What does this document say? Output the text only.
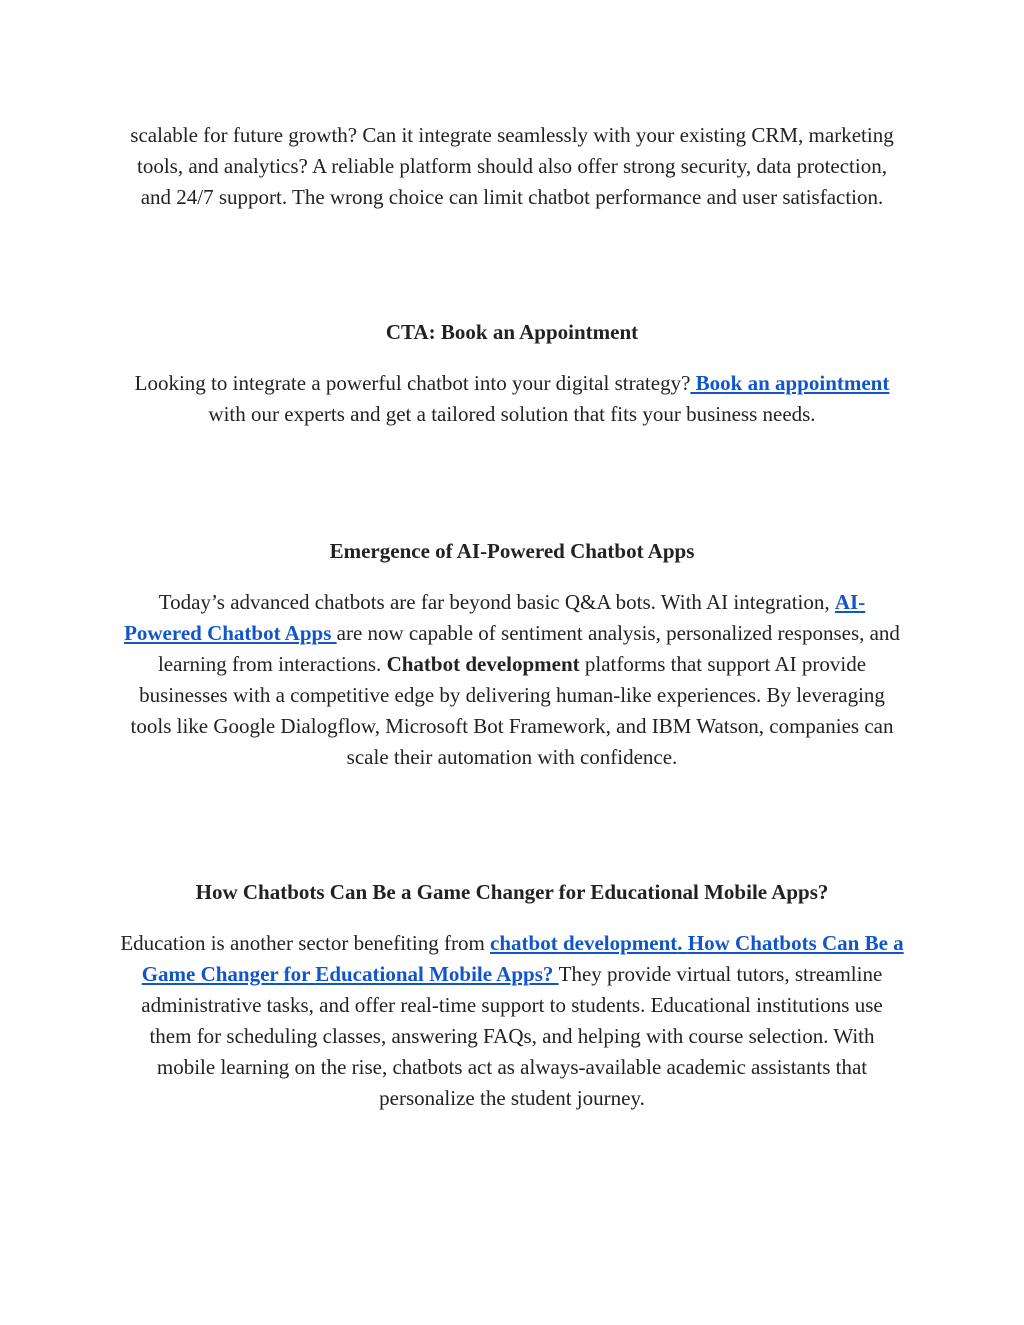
scalable for future growth? Can it integrate seamlessly with your existing CRM, marketing tools, and analytics? A reliable platform should also offer strong security, data protection, and 24/7 support. The wrong choice can limit chatbot performance and user satisfaction.

CTA: Book an Appointment

Looking to integrate a powerful chatbot into your digital strategy? Book an appointment with our experts and get a tailored solution that fits your business needs.

Emergence of AI-Powered Chatbot Apps

Today’s advanced chatbots are far beyond basic Q&A bots. With AI integration, AI-Powered Chatbot Apps are now capable of sentiment analysis, personalized responses, and learning from interactions. Chatbot development platforms that support AI provide businesses with a competitive edge by delivering human-like experiences. By leveraging tools like Google Dialogflow, Microsoft Bot Framework, and IBM Watson, companies can scale their automation with confidence.

How Chatbots Can Be a Game Changer for Educational Mobile Apps?

Education is another sector benefiting from chatbot development. How Chatbots Can Be a Game Changer for Educational Mobile Apps? They provide virtual tutors, streamline administrative tasks, and offer real-time support to students. Educational institutions use them for scheduling classes, answering FAQs, and helping with course selection. With mobile learning on the rise, chatbots act as always-available academic assistants that personalize the student journey.
